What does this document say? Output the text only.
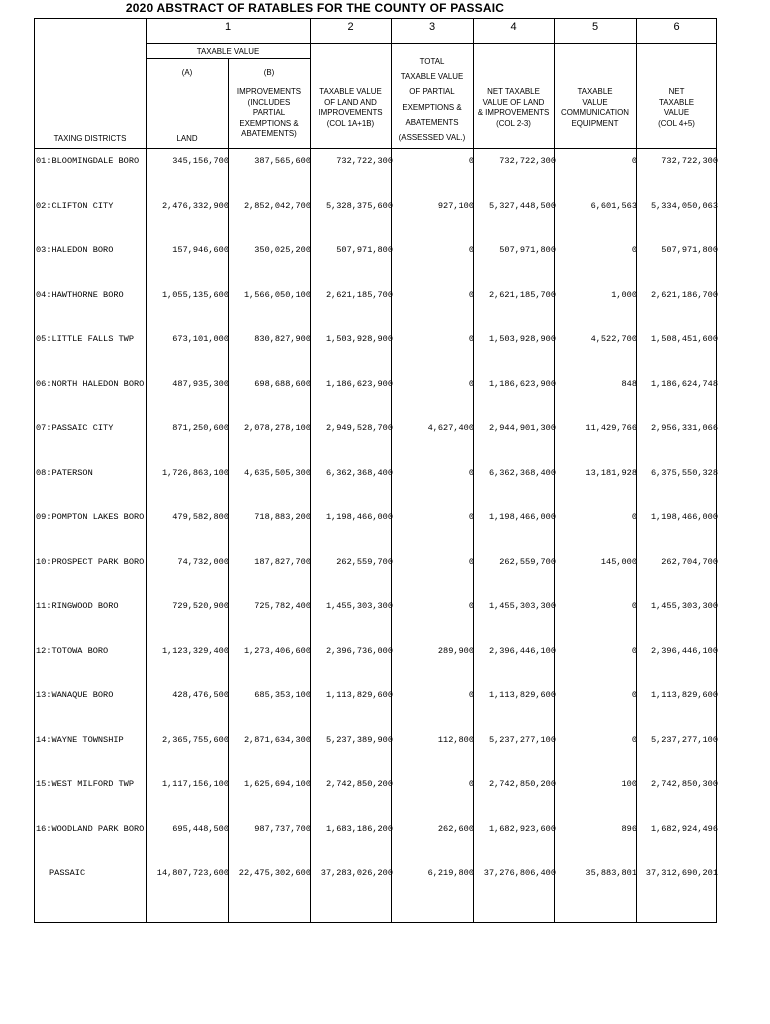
2020 ABSTRACT OF RATABLES FOR THE COUNTY OF PASSAIC
1	2	3	4	5	6
TAXABLE VALUE
(A)	(B)
TAXING DISTRICTS	LAND
IMPROVEMENTS
(INCLUDES PARTIAL
EXEMPTIONS &
ABATEMENTS)
TAXABLE VALUE
OF LAND AND
IMPROVEMENTS
(COL 1A+1B)
TOTAL
TAXABLE VALUE
OF PARTIAL
EXEMPTIONS &
ABATEMENTS
(ASSESSED VAL.)
NET TAXABLE
VALUE OF LAND
& IMPROVEMENTS
(COL 2-3)
TAXABLE
VALUE
COMMUNICATION
EQUIPMENT
NET
TAXABLE
VALUE
(COL 4+5)
01:BLOOMINGDALE BORO	345,156,700	387,565,600	732,722,300	0	732,722,300	0	732,722,300
02:CLIFTON CITY	2,476,332,900	2,852,042,700	5,328,375,600	927,100	5,327,448,500	6,601,563	5,334,050,063
03:HALEDON BORO	157,946,600	350,025,200	507,971,800	0	507,971,800	0	507,971,800
04:HAWTHORNE BORO	1,055,135,600	1,566,050,100	2,621,185,700	0	2,621,185,700	1,000	2,621,186,700
05:LITTLE FALLS TWP	673,101,000	830,827,900	1,503,928,900	0	1,503,928,900	4,522,700	1,508,451,600
06:NORTH HALEDON BORO	487,935,300	698,688,600	1,186,623,900	0	1,186,623,900	848	1,186,624,748
07:PASSAIC CITY	871,250,600	2,078,278,100	2,949,528,700	4,627,400	2,944,901,300	11,429,766	2,956,331,066
08:PATERSON	1,726,863,100	4,635,505,300	6,362,368,400	0	6,362,368,400	13,181,928	6,375,550,328
09:POMPTON LAKES BORO	479,582,800	718,883,200	1,198,466,000	0	1,198,466,000	0	1,198,466,000
10:PROSPECT PARK BORO	74,732,000	187,827,700	262,559,700	0	262,559,700	145,000	262,704,700
11:RINGWOOD BORO	729,520,900	725,782,400	1,455,303,300	0	1,455,303,300	0	1,455,303,300
12:TOTOWA BORO	1,123,329,400	1,273,406,600	2,396,736,000	289,900	2,396,446,100	0	2,396,446,100
13:WANAQUE BORO	428,476,500	685,353,100	1,113,829,600	0	1,113,829,600	0	1,113,829,600
14:WAYNE TOWNSHIP	2,365,755,600	2,871,634,300	5,237,389,900	112,800	5,237,277,100	0	5,237,277,100
15:WEST MILFORD TWP	1,117,156,100	1,625,694,100	2,742,850,200	0	2,742,850,200	100	2,742,850,300
16:WOODLAND PARK BORO	695,448,500	987,737,700	1,683,186,200	262,600	1,682,923,600	896	1,682,924,496
PASSAIC	14,807,723,600	22,475,302,600	37,283,026,200	6,219,800	37,276,806,400	35,883,801	37,312,690,201
